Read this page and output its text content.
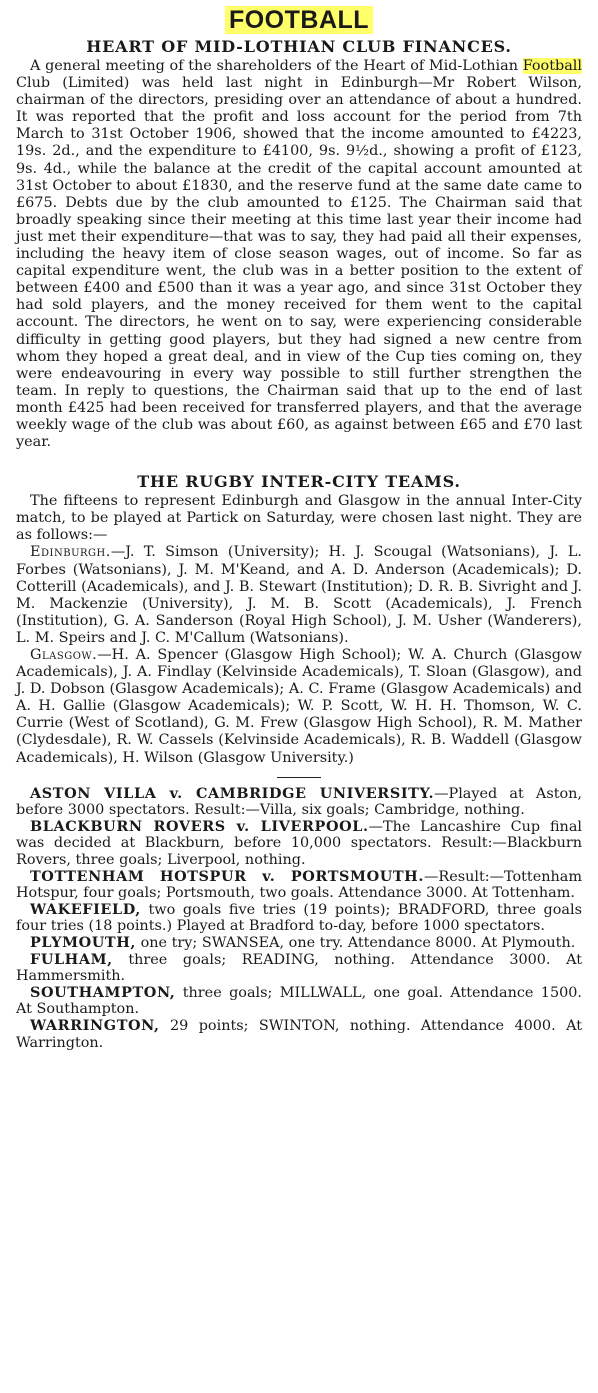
FOOTBALL
HEART OF MID-LOTHIAN CLUB FINANCES.

A general meeting of the shareholders of the Heart of Mid-Lothian Football Club (Limited) was held last night in Edinburgh—Mr Robert Wilson, chairman of the directors, presiding over an attendance of about a hundred. It was reported that the profit and loss account for the period from 7th March to 31st October 1906, showed that the income amounted to £4223, 19s. 2d., and the expenditure to £4100, 9s. 9½d., showing a profit of £123, 9s. 4d., while the balance at the credit of the capital account amounted at 31st October to about £1830, and the reserve fund at the same date came to £675. Debts due by the club amounted to £125. The Chairman said that broadly speaking since their meeting at this time last year their income had just met their expenditure—that was to say, they had paid all their expenses, including the heavy item of close season wages, out of income. So far as capital expenditure went, the club was in a better position to the extent of between £400 and £500 than it was a year ago, and since 31st October they had sold players, and the money received for them went to the capital account. The directors, he went on to say, were experiencing considerable difficulty in getting good players, but they had signed a new centre from whom they hoped a great deal, and in view of the Cup ties coming on, they were endeavouring in every way possible to still further strengthen the team. In reply to questions, the Chairman said that up to the end of last month £425 had been received for transferred players, and that the average weekly wage of the club was about £60, as against between £65 and £70 last year.

THE RUGBY INTER-CITY TEAMS.

The fifteens to represent Edinburgh and Glasgow in the annual Inter-City match, to be played at Partick on Saturday, were chosen last night. They are as follows:—

Edinburgh.—J. T. Simson (University); H. J. Scougal (Watsonians), J. L. Forbes (Watsonians), J. M. M'Keand, and A. D. Anderson (Academicals); D. Cotterill (Academicals), and J. B. Stewart (Institution); D. R. B. Sivright and J. M. Mackenzie (University), J. M. B. Scott (Academicals), J. French (Institution), G. A. Sanderson (Royal High School), J. M. Usher (Wanderers), L. M. Speirs and J. C. M'Callum (Watsonians).

Glasgow.—H. A. Spencer (Glasgow High School); W. A. Church (Glasgow Academicals), J. A. Findlay (Kelvinside Academicals), T. Sloan (Glasgow), and J. D. Dobson (Glasgow Academicals); A. C. Frame (Glasgow Academicals) and A. H. Gallie (Glasgow Academicals); W. P. Scott, W. H. H. Thomson, W. C. Currie (West of Scotland), G. M. Frew (Glasgow High School), R. M. Mather (Clydesdale), R. W. Cassels (Kelvinside Academicals), R. B. Waddell (Glasgow Academicals), H. Wilson (Glasgow University.)

ASTON VILLA v. CAMBRIDGE UNIVERSITY.—Played at Aston, before 3000 spectators. Result:—Villa, six goals; Cambridge, nothing.

BLACKBURN ROVERS v. LIVERPOOL.—The Lancashire Cup final was decided at Blackburn, before 10,000 spectators. Result:—Blackburn Rovers, three goals; Liverpool, nothing.

TOTTENHAM HOTSPUR v. PORTSMOUTH.—Result:—Tottenham Hotspur, four goals; Portsmouth, two goals. Attendance 3000. At Tottenham.

WAKEFIELD, two goals five tries (19 points); BRADFORD, three goals four tries (18 points.) Played at Bradford to-day, before 1000 spectators.

PLYMOUTH, one try; SWANSEA, one try. Attendance 8000. At Plymouth.

FULHAM, three goals; READING, nothing. Attendance 3000. At Hammersmith.

SOUTHAMPTON, three goals; MILLWALL, one goal. Attendance 1500. At Southampton.

WARRINGTON, 29 points; SWINTON, nothing. Attendance 4000. At Warrington.
